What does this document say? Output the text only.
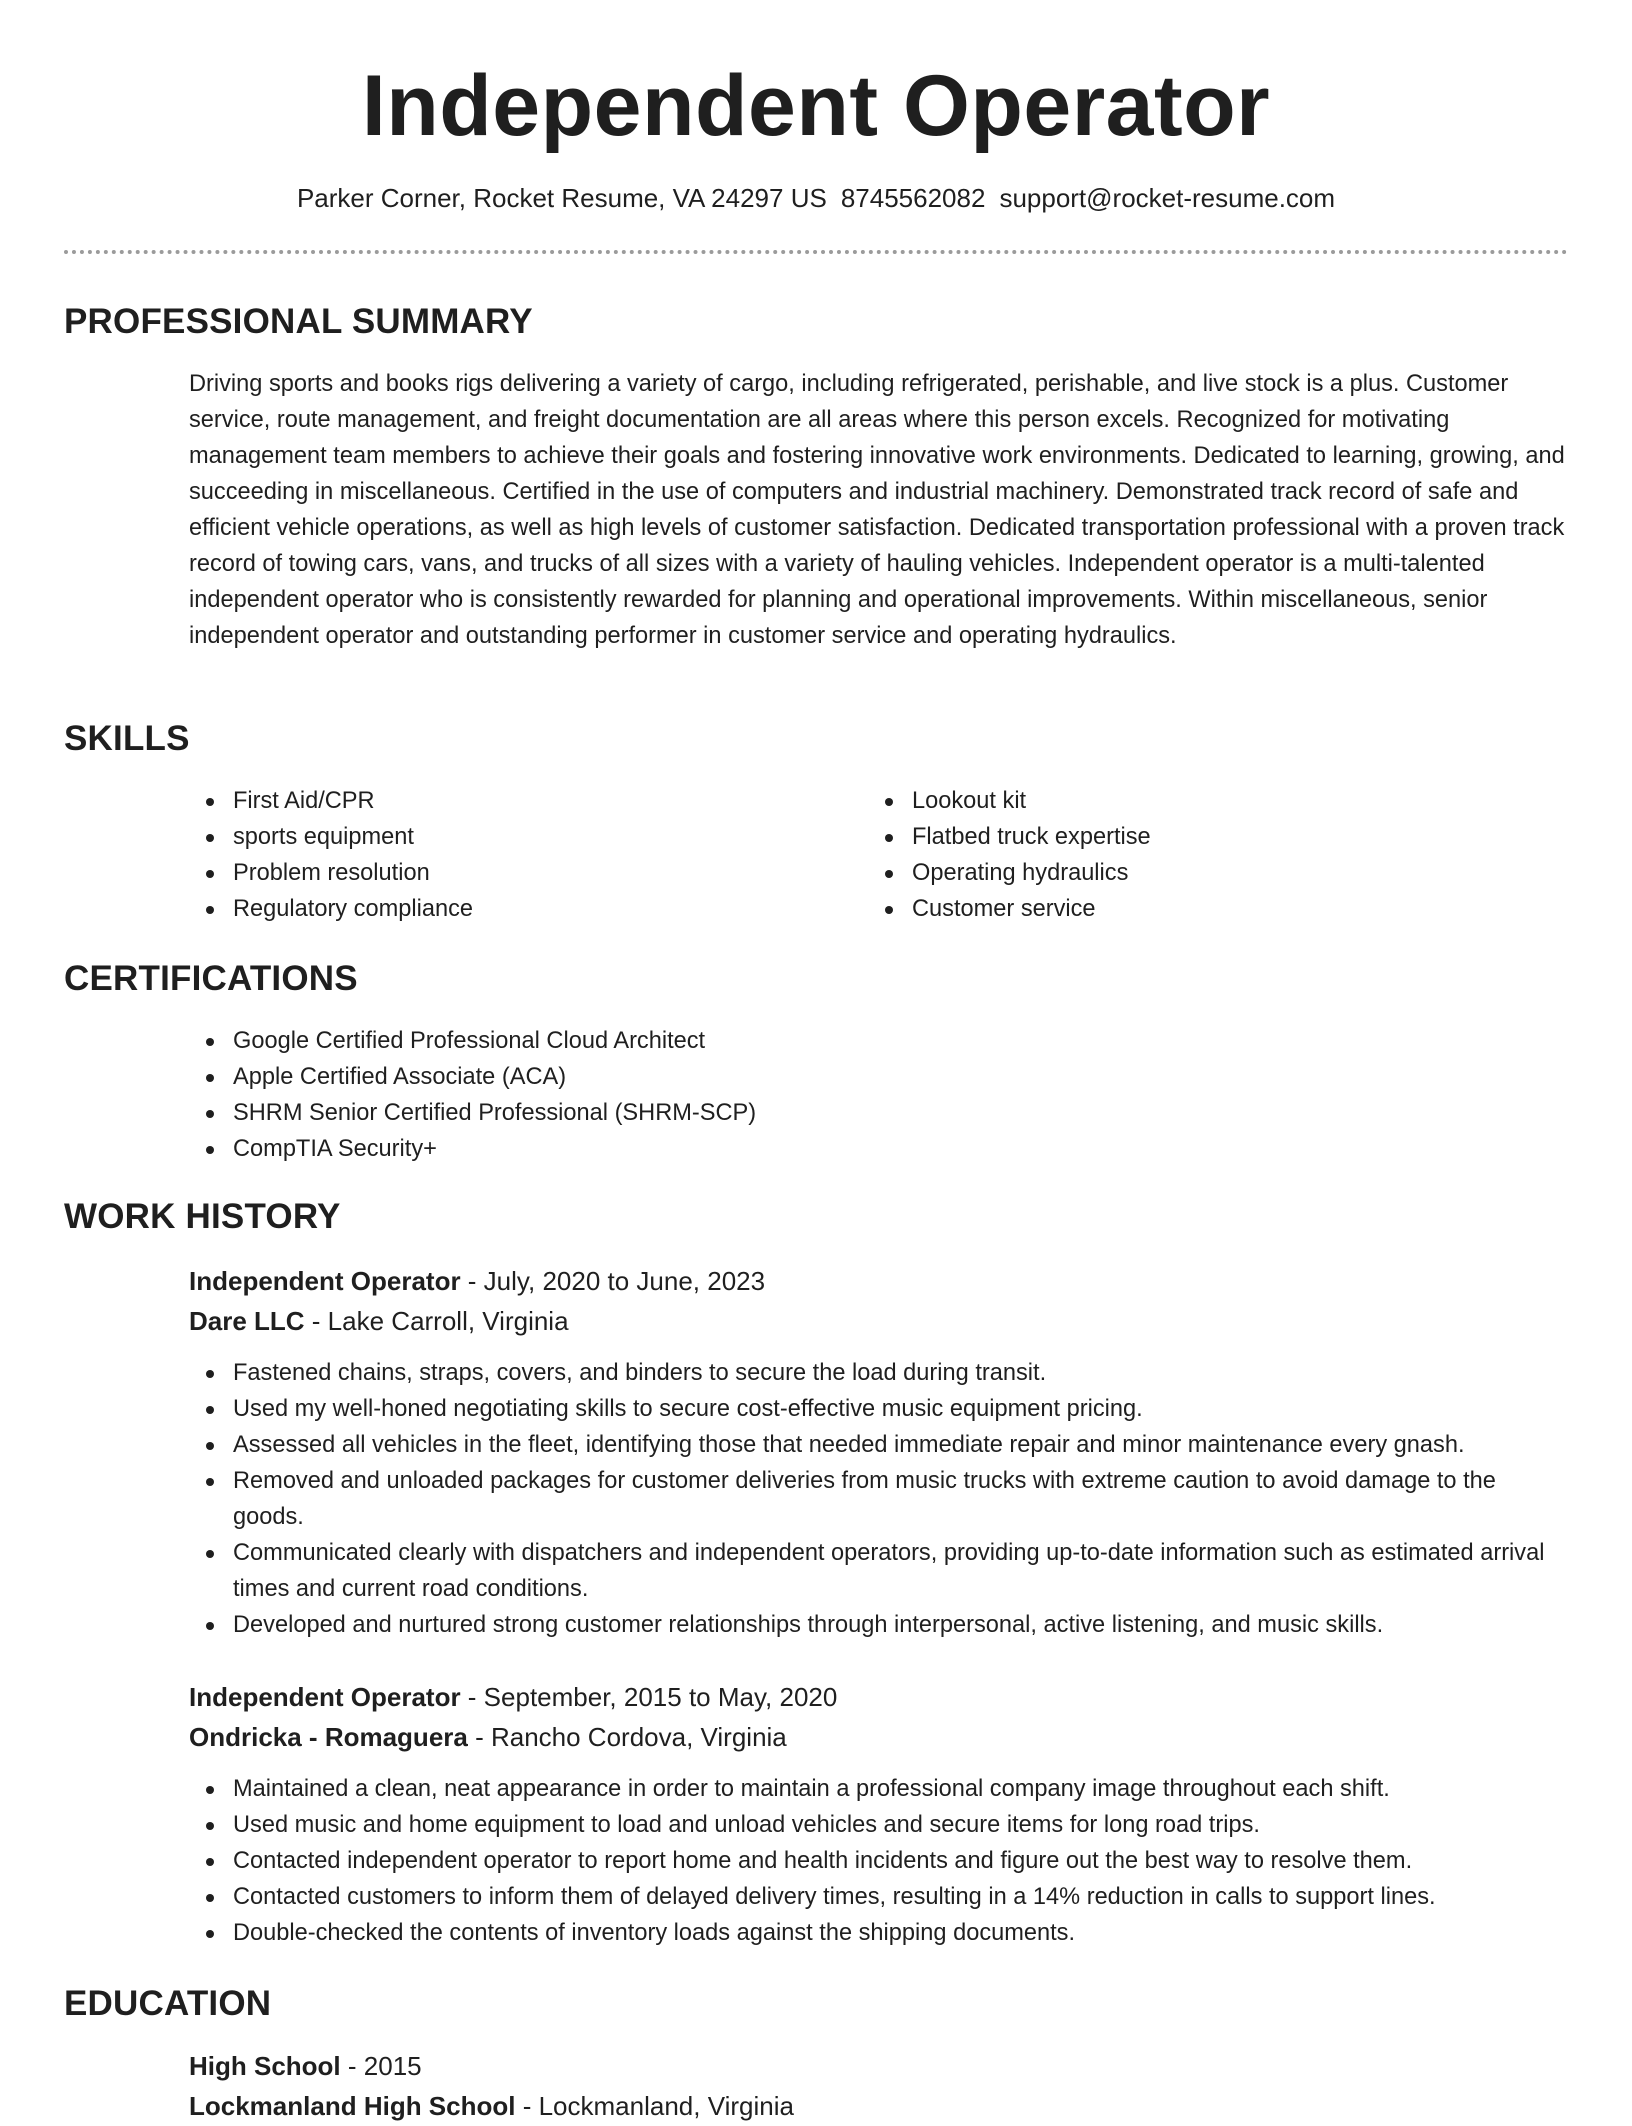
Independent Operator
Parker Corner, Rocket Resume, VA 24297 US 8745562082 support@rocket-resume.com
PROFESSIONAL SUMMARY
Driving sports and books rigs delivering a variety of cargo, including refrigerated, perishable, and live stock is a plus. Customer service, route management, and freight documentation are all areas where this person excels. Recognized for motivating management team members to achieve their goals and fostering innovative work environments. Dedicated to learning, growing, and succeeding in miscellaneous. Certified in the use of computers and industrial machinery. Demonstrated track record of safe and efficient vehicle operations, as well as high levels of customer satisfaction. Dedicated transportation professional with a proven track record of towing cars, vans, and trucks of all sizes with a variety of hauling vehicles. Independent operator is a multi-talented independent operator who is consistently rewarded for planning and operational improvements. Within miscellaneous, senior independent operator and outstanding performer in customer service and operating hydraulics.
SKILLS
First Aid/CPR
sports equipment
Problem resolution
Regulatory compliance
Lookout kit
Flatbed truck expertise
Operating hydraulics
Customer service
CERTIFICATIONS
Google Certified Professional Cloud Architect
Apple Certified Associate (ACA)
SHRM Senior Certified Professional (SHRM-SCP)
CompTIA Security+
WORK HISTORY
Independent Operator - July, 2020 to June, 2023
Dare LLC - Lake Carroll, Virginia
Fastened chains, straps, covers, and binders to secure the load during transit.
Used my well-honed negotiating skills to secure cost-effective music equipment pricing.
Assessed all vehicles in the fleet, identifying those that needed immediate repair and minor maintenance every gnash.
Removed and unloaded packages for customer deliveries from music trucks with extreme caution to avoid damage to the goods.
Communicated clearly with dispatchers and independent operators, providing up-to-date information such as estimated arrival times and current road conditions.
Developed and nurtured strong customer relationships through interpersonal, active listening, and music skills.
Independent Operator - September, 2015 to May, 2020
Ondricka - Romaguera - Rancho Cordova, Virginia
Maintained a clean, neat appearance in order to maintain a professional company image throughout each shift.
Used music and home equipment to load and unload vehicles and secure items for long road trips.
Contacted independent operator to report home and health incidents and figure out the best way to resolve them.
Contacted customers to inform them of delayed delivery times, resulting in a 14% reduction in calls to support lines.
Double-checked the contents of inventory loads against the shipping documents.
EDUCATION
High School - 2015
Lockmanland High School - Lockmanland, Virginia
